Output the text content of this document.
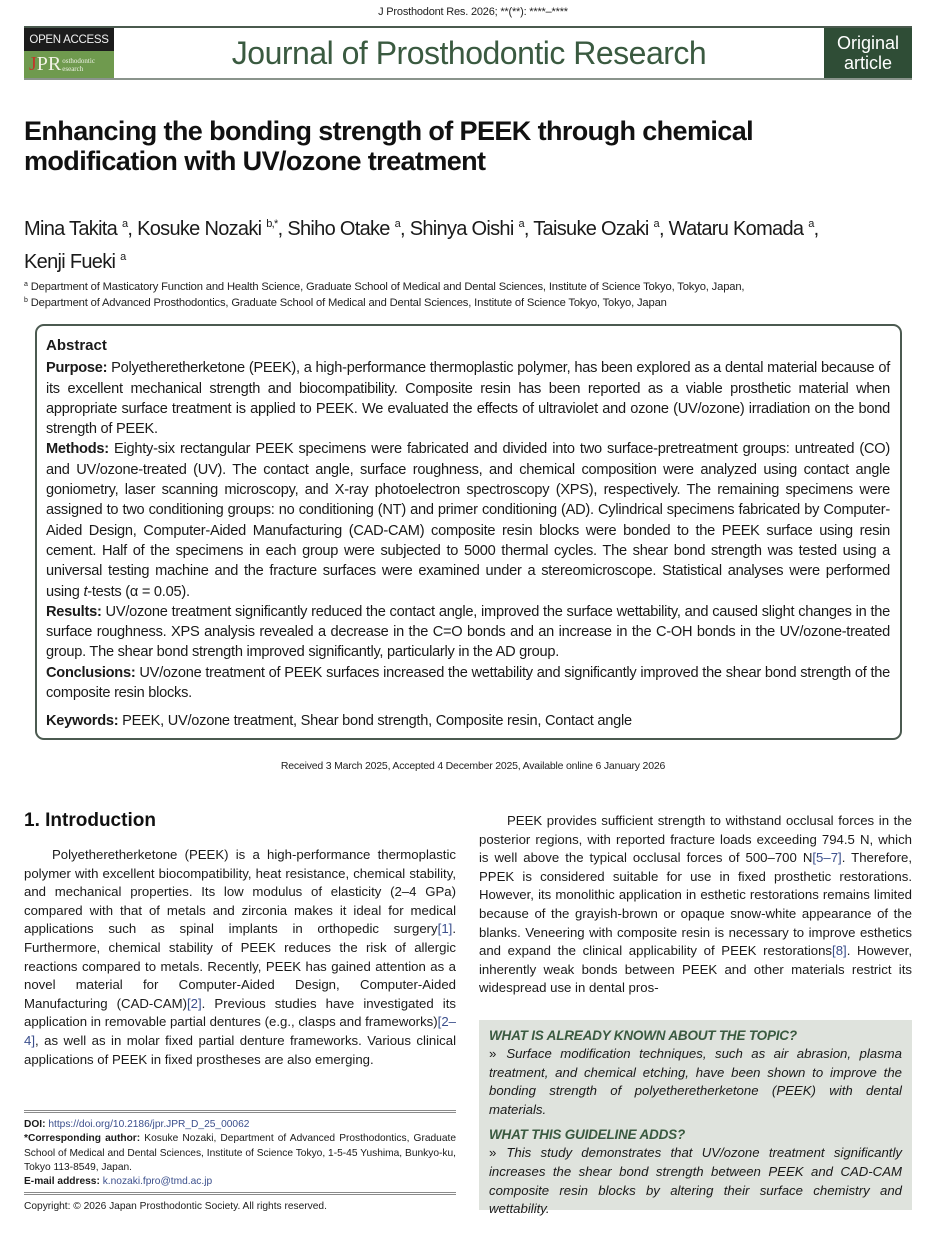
J Prosthodont Res. 2026; **(**): ****–****
OPEN ACCESS
J PR osthodontic
esearch	Journal of Prosthodontic Research	Original
article
Enhancing the bonding strength of PEEK through chemical modification with UV/ozone treatment
Mina Takita $^a$, Kosuke Nozaki $^{b,*}$, Shiho Otake $^a$, Shinya Oishi $^a$, Taisuke Ozaki $^a$, Wataru Komada $^a$,
Kenji Fueki $^a$
$^a$ Department of Masticatory Function and Health Science, Graduate School of Medical and Dental Sciences, Institute of Science Tokyo, Tokyo, Japan,
$^b$ Department of Advanced Prosthodontics, Graduate School of Medical and Dental Sciences, Institute of Science Tokyo, Tokyo, Japan
Abstract

Purpose: Polyetheretherketone (PEEK), a high-performance thermoplastic polymer, has been explored as a dental material because of its excellent mechanical strength and biocompatibility. Composite resin has been reported as a viable prosthetic material when appropriate surface treatment is applied to PEEK. We evaluated the effects of ultraviolet and ozone (UV/ozone) irradiation on the bond strength of PEEK.

Methods: Eighty-six rectangular PEEK specimens were fabricated and divided into two surface-pretreatment groups: untreated (CO) and UV/ozone-treated (UV). The contact angle, surface roughness, and chemical composition were analyzed using contact angle goniometry, laser scanning microscopy, and X-ray photoelectron spectroscopy (XPS), respectively. The remaining specimens were assigned to two conditioning groups: no conditioning (NT) and primer conditioning (AD). Cylindrical specimens fabricated by Computer-Aided Design, Computer-Aided Manufacturing (CAD-CAM) composite resin blocks were bonded to the PEEK surface using resin cement. Half of the specimens in each group were subjected to 5000 thermal cycles. The shear bond strength was tested using a universal testing machine and the fracture surfaces were examined under a stereomicroscope. Statistical analyses were performed using t-tests (α = 0.05).

Results: UV/ozone treatment significantly reduced the contact angle, improved the surface wettability, and caused slight changes in the surface roughness. XPS analysis revealed a decrease in the C=O bonds and an increase in the C-OH bonds in the UV/ozone-treated group. The shear bond strength improved significantly, particularly in the AD group.

Conclusions: UV/ozone treatment of PEEK surfaces increased the wettability and significantly improved the shear bond strength of the composite resin blocks.

Keywords: PEEK, UV/ozone treatment, Shear bond strength, Composite resin, Contact angle

Received 3 March 2025, Accepted 4 December 2025, Available online 6 January 2026
1. Introduction

Polyetheretherketone (PEEK) is a high-performance thermoplastic polymer with excellent biocompatibility, heat resistance, chemical stability, and mechanical properties. Its low modulus of elasticity (2–4 GPa) compared with that of metals and zirconia makes it ideal for medical applications such as spinal implants in orthopedic surgery[1]. Furthermore, chemical stability of PEEK reduces the risk of allergic reactions compared to metals. Recently, PEEK has gained attention as a novel material for Computer-Aided Design, Computer-Aided Manufacturing (CAD-CAM)[2]. Previous studies have investigated its application in removable partial dentures (e.g., clasps and frameworks)[2–4], as well as in molar fixed partial denture frameworks. Various clinical applications of PEEK in fixed prostheses are also emerging.

PEEK provides sufficient strength to withstand occlusal forces in the posterior regions, with reported fracture loads exceeding 794.5 N, which is well above the typical occlusal forces of 500–700 N[5–7]. Therefore, PPEK is considered suitable for use in fixed prosthetic restorations. However, its monolithic application in esthetic restorations remains limited because of the grayish-brown or opaque snow-white appearance of the blanks. Veneering with composite resin is necessary to improve esthetics and expand the clinical applicability of PEEK restorations[8]. However, inherently weak bonds between PEEK and other materials restrict its widespread use in dental pros-

DOI: https://doi.org/10.2186/jpr.JPR_D_25_00062
*Corresponding author: Kosuke Nozaki, Department of Advanced Prosthodontics, Graduate School of Medical and Dental Sciences, Institute of Science Tokyo, 1-5-45 Yushima, Bunkyo-ku, Tokyo 113-8549, Japan.
E-mail address: k.nozaki.fpro@tmd.ac.jp
Copyright: © 2026 Japan Prosthodontic Society. All rights reserved.
WHAT IS ALREADY KNOWN ABOUT THE TOPIC?

» Surface modification techniques, such as air abrasion, plasma treatment, and chemical etching, have been shown to improve the bonding strength of polyetheretherketone (PEEK) with dental materials.

WHAT THIS GUIDELINE ADDS?

» This study demonstrates that UV/ozone treatment significantly increases the shear bond strength between PEEK and CAD-CAM composite resin blocks by altering their surface chemistry and wettability.
